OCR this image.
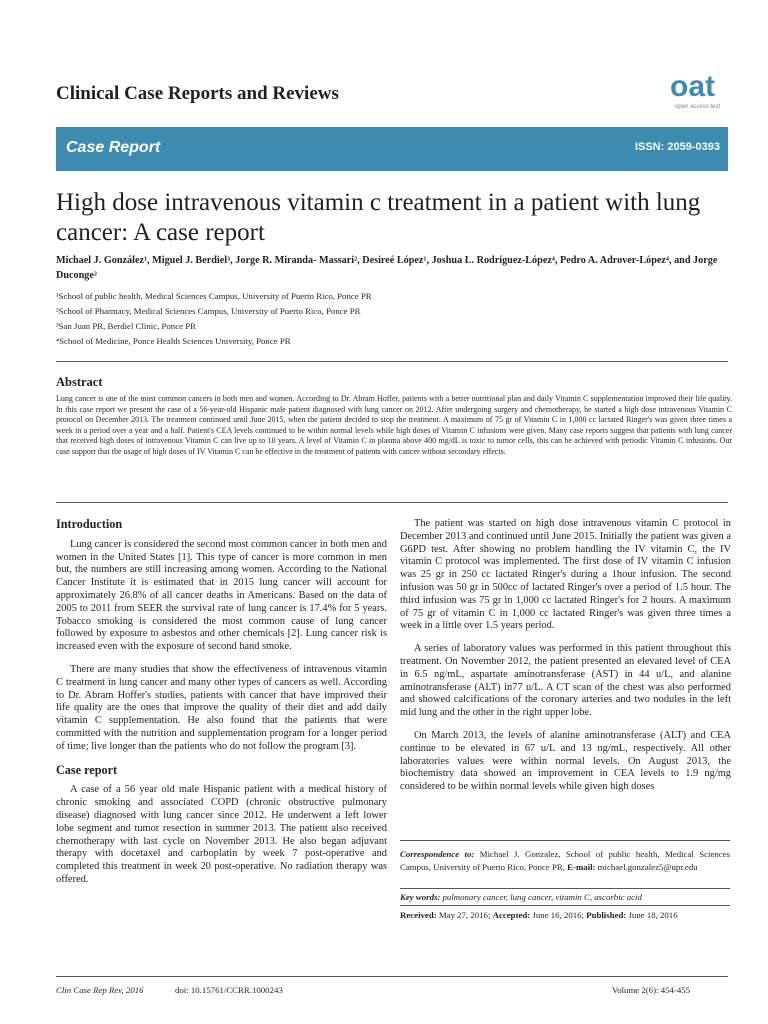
Clinical Case Reports and Reviews	oat
open access text
Case Report	ISSN: 2059-0393
High dose intravenous vitamin c treatment in a patient with lung cancer: A case report
Michael J. González¹, Miguel J. Berdiel³, Jorge R. Miranda- Massari², Desireé López¹, Joshua L. Rodríguez-López⁴, Pedro A. Adrover-López⁴, and Jorge Duconge²
¹School of public health, Medical Sciences Campus, University of Puerto Rico, Ponce PR
²School of Pharmacy, Medical Sciences Campus, University of Puerto Rico, Ponce PR
³San Juan PR, Berdiel Clinic, Ponce PR
⁴School of Medicine, Ponce Health Sciences University, Ponce PR
Abstract
Lung cancer is one of the most common cancers in both men and women. According to Dr. Abram Hoffer, patients with a better nutritional plan and daily Vitamin C supplementation improved their life quality. In this case report we present the case of a 56-year-old Hispanic male patient diagnosed with lung cancer on 2012. After undergoing surgery and chemotherapy, he started a high dose intravenous Vitamin C protocol on December 2013. The treatment continued until June 2015, when the patient decided to stop the treatment. A maximum of 75 gr of Vitamin C in 1,000 cc lactated Ringer's was given three times a week in a period over a year and a half. Patient's CEA levels continued to be within normal levels while high doses of Vitamin C infusions were given. Many case reports suggest that patients with lung cancer that received high doses of intravenous Vitamin C can live up to 10 years. A level of Vitamin C in plasma above 400 mg/dL is toxic to tumor cells, this can be achieved with periodic Vitamin C infusions. Our case support that the usage of high doses of IV Vitamin C can be effective in the treatment of patients with cancer without secondary effects.
Introduction

Lung cancer is considered the second most common cancer in both men and women in the United States [1]. This type of cancer is more common in men but, the numbers are still increasing among women. According to the National Cancer Institute it is estimated that in 2015 lung cancer will account for approximately 26.8% of all cancer deaths in Americans. Based on the data of 2005 to 2011 from SEER the survival rate of lung cancer is 17.4% for 5 years. Tobacco smoking is considered the most common cause of lung cancer followed by exposure to asbestos and other chemicals [2]. Lung cancer risk is increased even with the exposure of second hand smoke.

There are many studies that show the effectiveness of intravenous vitamin C treatment in lung cancer and many other types of cancers as well. According to Dr. Abram Hoffer's studies, patients with cancer that have improved their life quality are the ones that improve the quality of their diet and add daily vitamin C supplementation. He also found that the patients that were committed with the nutrition and supplementation program for a longer period of time; live longer than the patients who do not follow the program [3].

Case report

A case of a 56 year old male Hispanic patient with a medical history of chronic smoking and associated COPD (chronic obstructive pulmonary disease) diagnosed with lung cancer since 2012. He underwent a left lower lobe segment and tumor resection in summer 2013. The patient also received chemotherapy with last cycle on November 2013. He also began adjuvant therapy with docetaxel and carboplatin by week 7 post-operative and completed this treatment in week 20 post-operative. No radiation therapy was offered.

The patient was started on high dose intravenous vitamin C protocol in December 2013 and continued until June 2015. Initially the patient was given a G6PD test. After showing no problem handling the IV vitamin C, the IV vitamin C protocol was implemented. The first dose of IV vitamin C infusion was 25 gr in 250 cc lactated Ringer's during a 1hour infusion. The second infusion was 50 gr in 500cc of lactated Ringer's over a period of 1.5 hour. The third infusion was 75 gr in 1,000 cc lactated Ringer's for 2 hours. A maximum of 75 gr of vitamin C in 1,000 cc lactated Ringer's was given three times a week in a little over 1.5 years period.

A series of laboratory values was performed in this patient throughout this treatment. On November 2012, the patient presented an elevated level of CEA in 6.5 ng/mL, aspartate aminotransferase (AST) in 44 u/L, and alanine aminotransferase (ALT) in77 u/L. A CT scan of the chest was also performed and showed calcifications of the coronary arteries and two nodules in the left mid lung and the other in the right upper lobe.

On March 2013, the levels of alanine aminotransferase (ALT) and CEA continue to be elevated in 67 u/L and 13 ng/mL, respectively. All other laboratories values were within normal levels. On August 2013, the biochemistry data showed an improvement in CEA levels to 1.9 ng/mg considered to be within normal levels while given high doses

Correspondence to: Michael J. Gonzalez, School of public health, Medical Sciences Campus, University of Puerto Rico, Ponce PR, E-mail: michael.gonzalez5@upr.edu
Key words: pulmonary cancer, lung cancer, vitamin C, ascorbic acid
Received: May 27, 2016; Accepted: June 16, 2016; Published: June 18, 2016
Clin Case Rep Rev, 2016	doi: 10.15761/CCRR.1000243	Volume 2(6): 454-455
